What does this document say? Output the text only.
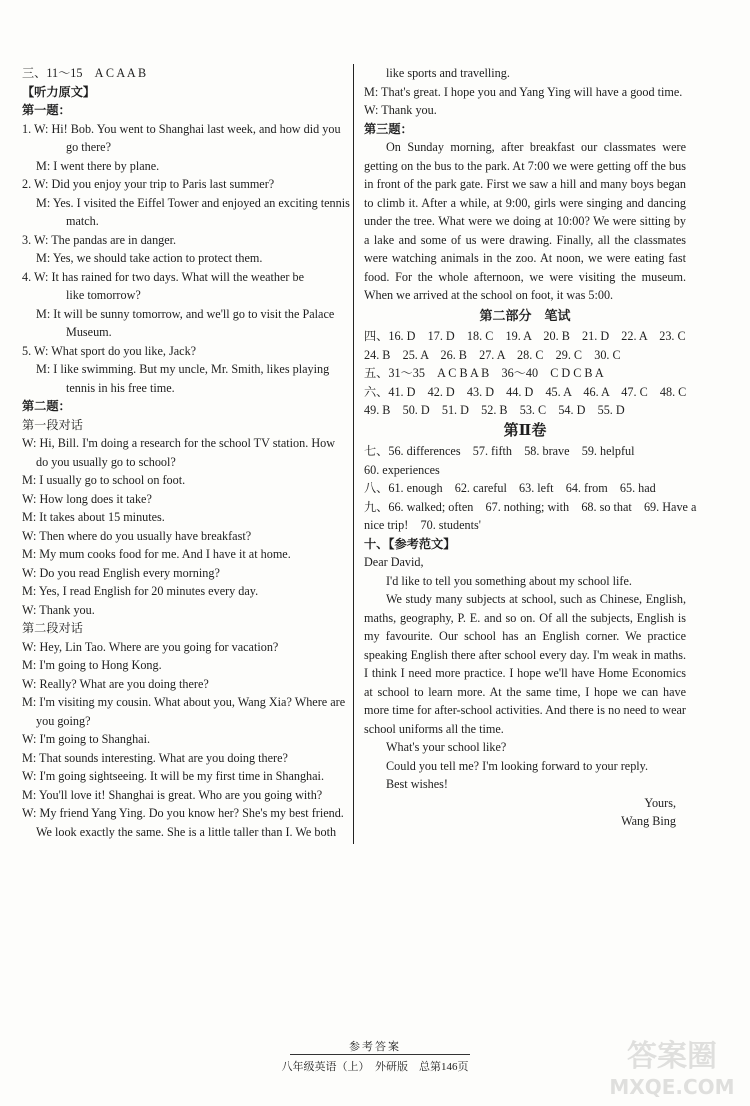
三、11～15　A C A A B
【听力原文】
第一题：
1. W: Hi! Bob. You went to Shanghai last week, and how did you
go there?
M: I went there by plane.
2. W: Did you enjoy your trip to Paris last summer?
M: Yes. I visited the Eiffel Tower and enjoyed an exciting tennis
match.
3. W: The pandas are in danger.
M: Yes, we should take action to protect them.
4. W: It has rained for two days. What will the weather be
like tomorrow?
M: It will be sunny tomorrow, and we'll go to visit the Palace
Museum.
5. W: What sport do you like, Jack?
M: I like swimming. But my uncle, Mr. Smith, likes playing
tennis in his free time.
第二题：
第一段对话
W: Hi, Bill. I'm doing a research for the school TV station. How
do you usually go to school?
M: I usually go to school on foot.
W: How long does it take?
M: It takes about 15 minutes.
W: Then where do you usually have breakfast?
M: My mum cooks food for me. And I have it at home.
W: Do you read English every morning?
M: Yes, I read English for 20 minutes every day.
W: Thank you.
第二段对话
W: Hey, Lin Tao. Where are you going for vacation?
M: I'm going to Hong Kong.
W: Really? What are you doing there?
M: I'm visiting my cousin. What about you, Wang Xia? Where are
you going?
W: I'm going to Shanghai.
M: That sounds interesting. What are you doing there?
W: I'm going sightseeing. It will be my first time in Shanghai.
M: You'll love it! Shanghai is great. Who are you going with?
W: My friend Yang Ying. Do you know her? She's my best friend.
We look exactly the same. She is a little taller than I. We both
like sports and travelling.
M: That's great. I hope you and Yang Ying will have a good time.
W: Thank you.
第三题：
On Sunday morning, after breakfast our classmates were getting on the bus to the park. At 7:00 we were getting off the bus in front of the park gate. First we saw a hill and many boys began to climb it. After a while, at 9:00, girls were singing and dancing under the tree. What were we doing at 10:00? We were sitting by a lake and some of us were drawing. Finally, all the classmates were watching animals in the zoo. At noon, we were eating fast food. For the whole afternoon, we were visiting the museum. When we arrived at the school on foot, it was 5:00.
第二部分　笔试
四、16. D　17. D　18. C　19. A　20. B　21. D　22. A　23. C
24. B　25. A　26. B　27. A　28. C　29. C　30. C
五、31～35　A C B A B　36～40　C D C B A
六、41. D　42. D　43. D　44. D　45. A　46. A　47. C　48. C
49. B　50. D　51. D　52. B　53. C　54. D　55. D
第Ⅱ卷
七、56. differences　57. fifth　58. brave　59. helpful
60. experiences
八、61. enough　62. careful　63. left　64. from　65. had
九、66. walked; often　67. nothing; with　68. so that　69. Have a
nice trip!　70. students'
十、【参考范文】
Dear David,
I'd like to tell you something about my school life.
We study many subjects at school, such as Chinese, English, maths, geography, P. E. and so on. Of all the subjects, English is my favourite. Our school has an English corner. We practice speaking English there after school every day. I'm weak in maths. I think I need more practice. I hope we'll have Home Economics at school to learn more. At the same time, I hope we can have more time for after-school activities. And there is no need to wear school uniforms all the time.
What's your school like?
Could you tell me? I'm looking forward to your reply.
Best wishes!
Yours,
Wang Bing
参考答案
八年级英语（上）　外研版　总第146页	答案圈
MXQE.COM
